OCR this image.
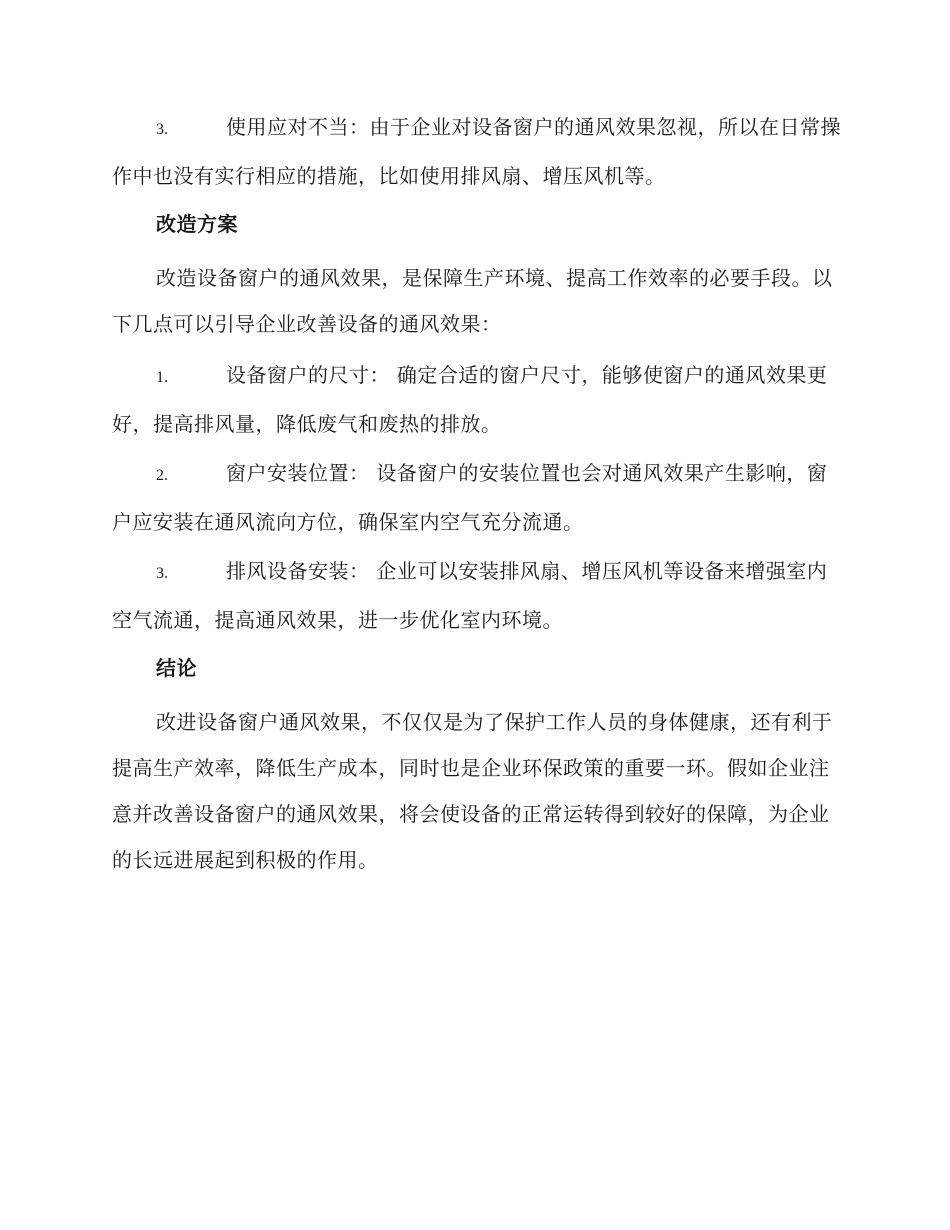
3.	使用应对不当：由于企业对设备窗户的通风效果忽视，所以在日常操作中也没有实行相应的措施，比如使用排风扇、增压风机等。
改造方案
改造设备窗户的通风效果，是保障生产环境、提高工作效率的必要手段。以下几点可以引导企业改善设备的通风效果：
1.	设备窗户的尺寸： 确定合适的窗户尺寸，能够使窗户的通风效果更好，提高排风量，降低废气和废热的排放。
2.	窗户安装位置： 设备窗户的安装位置也会对通风效果产生影响，窗户应安装在通风流向方位，确保室内空气充分流通。
3.	排风设备安装： 企业可以安装排风扇、增压风机等设备来增强室内空气流通，提高通风效果，进一步优化室内环境。
结论
改进设备窗户通风效果，不仅仅是为了保护工作人员的身体健康，还有利于提高生产效率，降低生产成本，同时也是企业环保政策的重要一环。假如企业注意并改善设备窗户的通风效果，将会使设备的正常运转得到较好的保障，为企业的长远进展起到积极的作用。
